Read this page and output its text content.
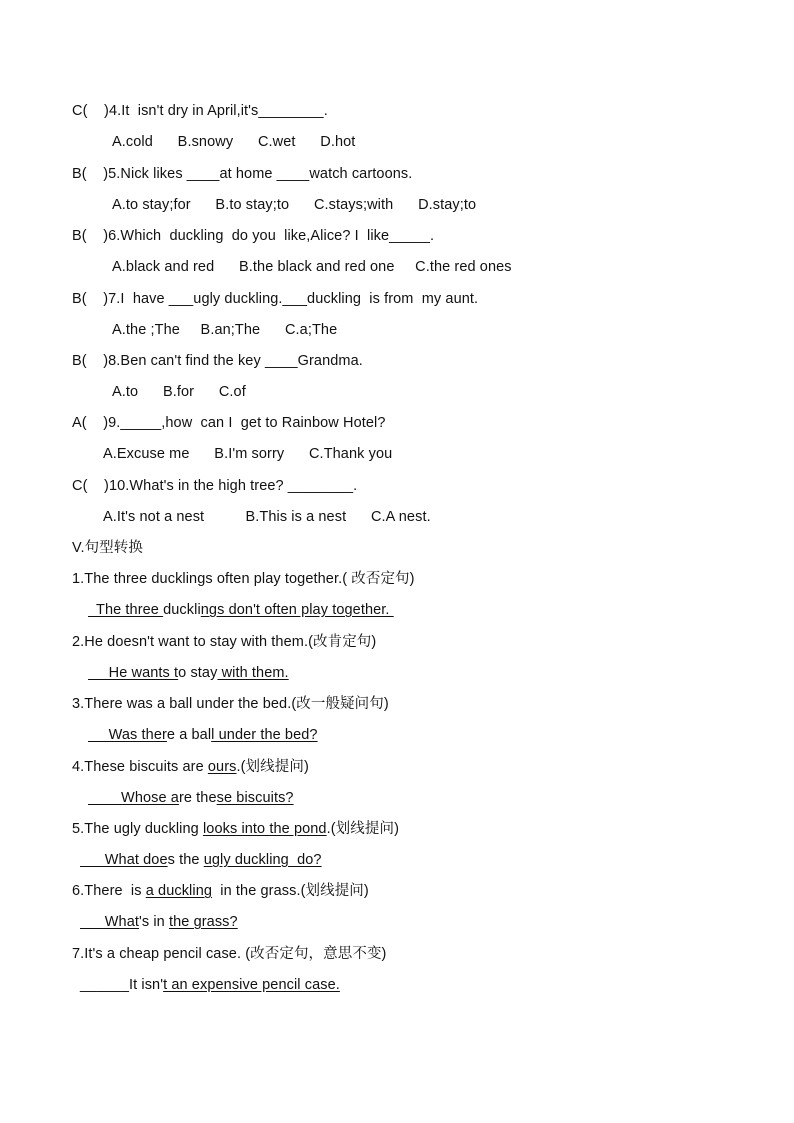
C(    )4.It  isn't dry in April,it's________.
A.cold      B.snowy      C.wet      D.hot
B(    )5.Nick likes ____at home ____watch cartoons.
A.to stay;for      B.to stay;to      C.stays;with      D.stay;to
B(    )6.Which  duckling  do you  like,Alice? I  like_____.
A.black and red      B.the black and red one     C.the red ones
B(    )7.I  have ___ugly duckling.___duckling  is from  my aunt.
A.the ;The     B.an;The      C.a;The
B(    )8.Ben can't find the key ____Grandma.
A.to      B.for      C.of
A(    )9._____,how  can I  get to Rainbow Hotel?
A.Excuse me      B.I'm sorry      C.Thank you
C(    )10.What's in the high tree? ________.
A.It's not a nest          B.This is a nest      C.A nest.
V.句型转换
1.The three ducklings often play together.( 改否定句)
The three ducklings don't often play together.
2.He doesn't want to stay with them.(改肯定句)
He wants to stay with them.
3.There was a ball under the bed.(改一般疑问句)
Was there a ball under the bed?
4.These biscuits are ours.(划线提问)
Whose are these biscuits?
5.The ugly duckling looks into the pond.(划线提问)
What does the ugly duckling  do?
6.There  is a duckling  in the grass.(划线提问)
What's in the grass?
7.It's a cheap pencil case. (改否定句，意思不变)
______It isn't an expensive pencil case.
